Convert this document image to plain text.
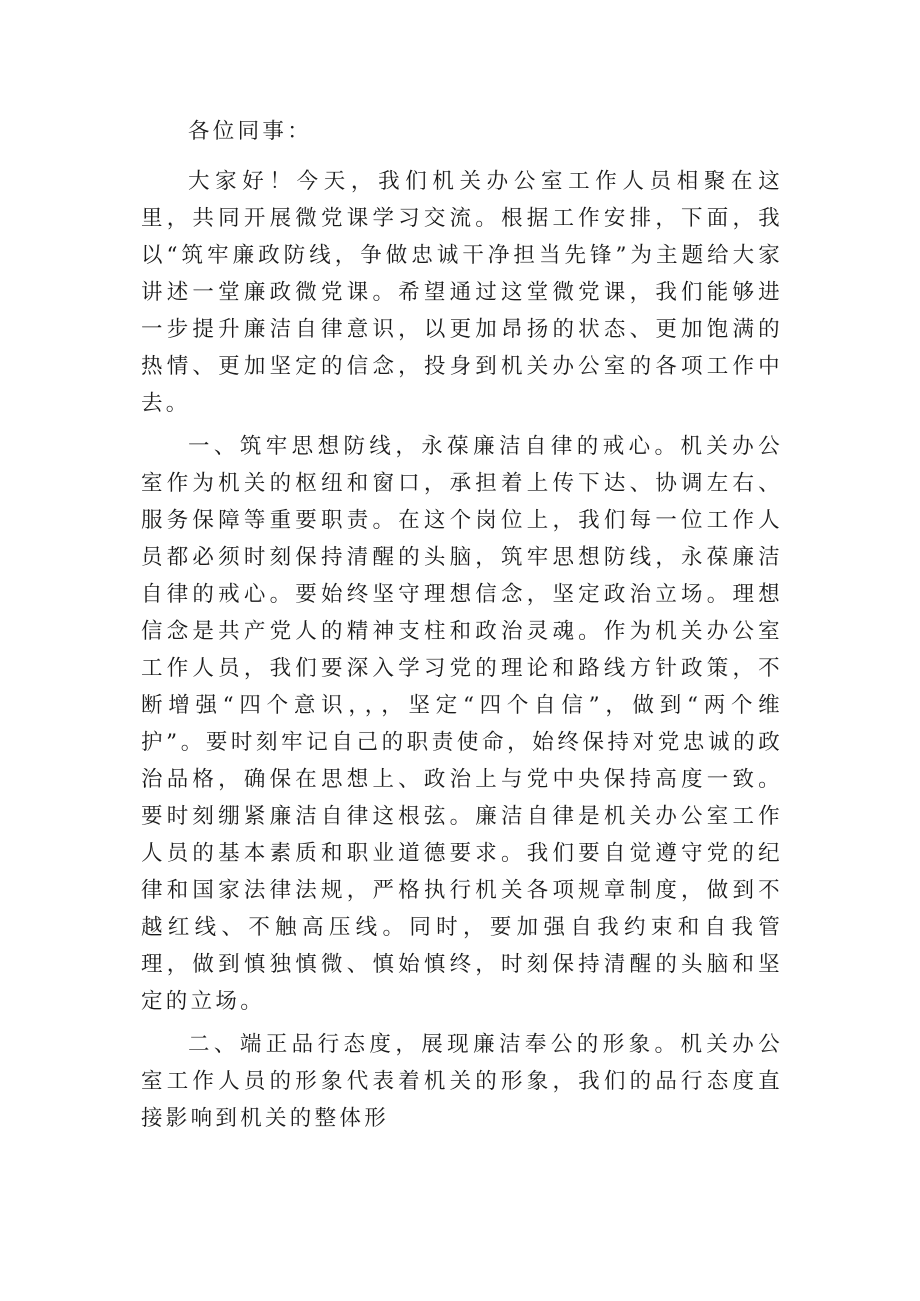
各位同事：

大家好！今天，我们机关办公室工作人员相聚在这里，共同开展微党课学习交流。根据工作安排，下面，我以“筑牢廉政防线，争做忠诚干净担当先锋”为主题给大家讲述一堂廉政微党课。希望通过这堂微党课，我们能够进一步提升廉洁自律意识，以更加昂扬的状态、更加饱满的热情、更加坚定的信念，投身到机关办公室的各项工作中去。

一、筑牢思想防线，永葆廉洁自律的戒心。机关办公室作为机关的枢纽和窗口，承担着上传下达、协调左右、服务保障等重要职责。在这个岗位上，我们每一位工作人员都必须时刻保持清醒的头脑，筑牢思想防线，永葆廉洁自律的戒心。要始终坚守理想信念，坚定政治立场。理想信念是共产党人的精神支柱和政治灵魂。作为机关办公室工作人员，我们要深入学习党的理论和路线方针政策，不断增强“四个意识，，，坚定“四个自信”，做到“两个维护”。要时刻牢记自己的职责使命，始终保持对党忠诚的政治品格，确保在思想上、政治上与党中央保持高度一致。要时刻绷紧廉洁自律这根弦。廉洁自律是机关办公室工作人员的基本素质和职业道德要求。我们要自觉遵守党的纪律和国家法律法规，严格执行机关各项规章制度，做到不越红线、不触高压线。同时，要加强自我约束和自我管理，做到慎独慎微、慎始慎终，时刻保持清醒的头脑和坚定的立场。

二、端正品行态度，展现廉洁奉公的形象。机关办公室工作人员的形象代表着机关的形象，我们的品行态度直接影响到机关的整体形
